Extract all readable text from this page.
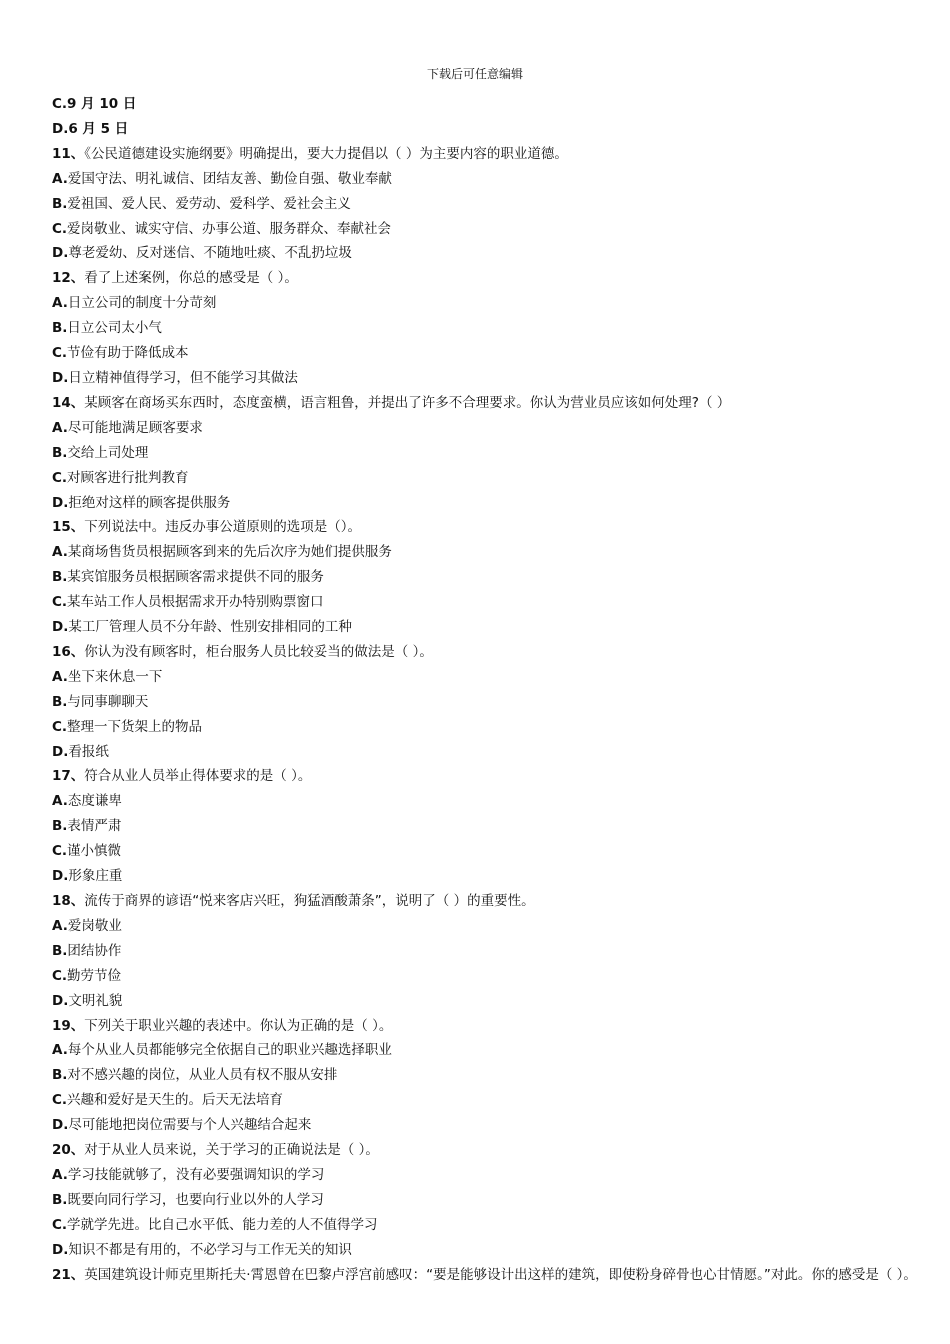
下载后可任意编辑
C.9 月 10 日
D.6 月 5 日
11、《公民道德建设实施纲要》明确提出，要大力提倡以（ ）为主要内容的职业道德。
A.爱国守法、明礼诚信、团结友善、勤俭自强、敬业奉献
B.爱祖国、爱人民、爱劳动、爱科学、爱社会主义
C.爱岗敬业、诚实守信、办事公道、服务群众、奉献社会
D.尊老爱幼、反对迷信、不随地吐痰、不乱扔垃圾
12、看了上述案例，你总的感受是（ ）。
A.日立公司的制度十分苛刻
B.日立公司太小气
C.节俭有助于降低成本
D.日立精神值得学习，但不能学习其做法
14、某顾客在商场买东西时，态度蛮横，语言粗鲁，并提出了许多不合理要求。你认为营业员应该如何处理?（ ）
A.尽可能地满足顾客要求
B.交给上司处理
C.对顾客进行批判教育
D.拒绝对这样的顾客提供服务
15、下列说法中。违反办事公道原则的选项是（）。
A.某商场售货员根据顾客到来的先后次序为她们提供服务
B.某宾馆服务员根据顾客需求提供不同的服务
C.某车站工作人员根据需求开办特别购票窗口
D.某工厂管理人员不分年龄、性别安排相同的工种
16、你认为没有顾客时，柜台服务人员比较妥当的做法是（ ）。
A.坐下来休息一下
B.与同事聊聊天
C.整理一下货架上的物品
D.看报纸
17、符合从业人员举止得体要求的是（ ）。
A.态度谦卑
B.表情严肃
C.谨小慎微
D.形象庄重
18、流传于商界的谚语“悦来客店兴旺，狗猛酒酸萧条”，说明了（ ）的重要性。
A.爱岗敬业
B.团结协作
C.勤劳节俭
D.文明礼貌
19、下列关于职业兴趣的表述中。你认为正确的是（ ）。
A.每个从业人员都能够完全依据自己的职业兴趣选择职业
B.对不感兴趣的岗位，从业人员有权不服从安排
C.兴趣和爱好是天生的。后天无法培育
D.尽可能地把岗位需要与个人兴趣结合起来
20、对于从业人员来说，关于学习的正确说法是（ ）。
A.学习技能就够了，没有必要强调知识的学习
B.既要向同行学习，也要向行业以外的人学习
C.学就学先进。比自己水平低、能力差的人不值得学习
D.知识不都是有用的，不必学习与工作无关的知识
21、英国建筑设计师克里斯托夫·霄恩曾在巴黎卢浮宫前感叹：“要是能够设计出这样的建筑，即使粉身碎骨也心甘情愿。”对此。你的感受是（ ）。
